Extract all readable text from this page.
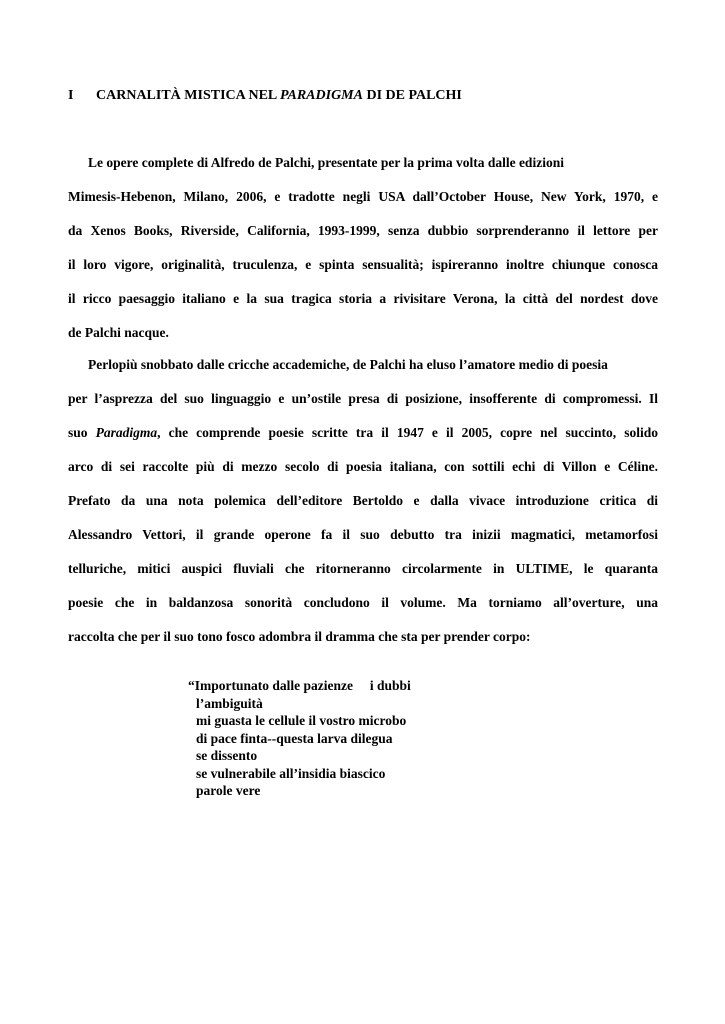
I CARNALITÀ MISTICA NEL PARADIGMA DI DE PALCHI
Le opere complete di Alfredo de Palchi, presentate per la prima volta dalle edizioni
Mimesis-Hebenon, Milano, 2006, e tradotte negli USA dall’October House, New York, 1970, e
da Xenos Books, Riverside, California, 1993-1999, senza dubbio sorprenderanno il lettore per
il loro vigore, originalità, truculenza, e spinta sensualità; ispireranno inoltre chiunque conosca
il ricco paesaggio italiano e la sua tragica storia a rivisitare Verona, la città del nordest dove
de Palchi nacque.
Perlopiù snobbato dalle cricche accademiche, de Palchi ha eluso l’amatore medio di poesia
per l’asprezza del suo linguaggio e un’ostile presa di posizione, insofferente di compromessi. Il
suo Paradigma, che comprende poesie scritte tra il 1947 e il 2005, copre nel succinto, solido
arco di sei raccolte più di mezzo secolo di poesia italiana, con sottili echi di Villon e Céline.
Prefato da una nota polemica dell’editore Bertoldo e dalla vivace introduzione critica di
Alessandro Vettori, il grande operone fa il suo debutto tra inizii magmatici, metamorfosi
telluriche, mitici auspici fluviali che ritorneranno circolarmente in ULTIME, le quaranta
poesie che in baldanzosa sonorità concludono il volume. Ma torniamo all’overture, una
raccolta che per il suo tono fosco adombra il dramma che sta per prender corpo:
“Importunato dalle pazienze     i dubbi
l’ambiguità
mi guasta le cellule il vostro microbo
di pace finta--questa larva dilegua
se dissento
se vulnerabile all’insidia biascico
parole vere
